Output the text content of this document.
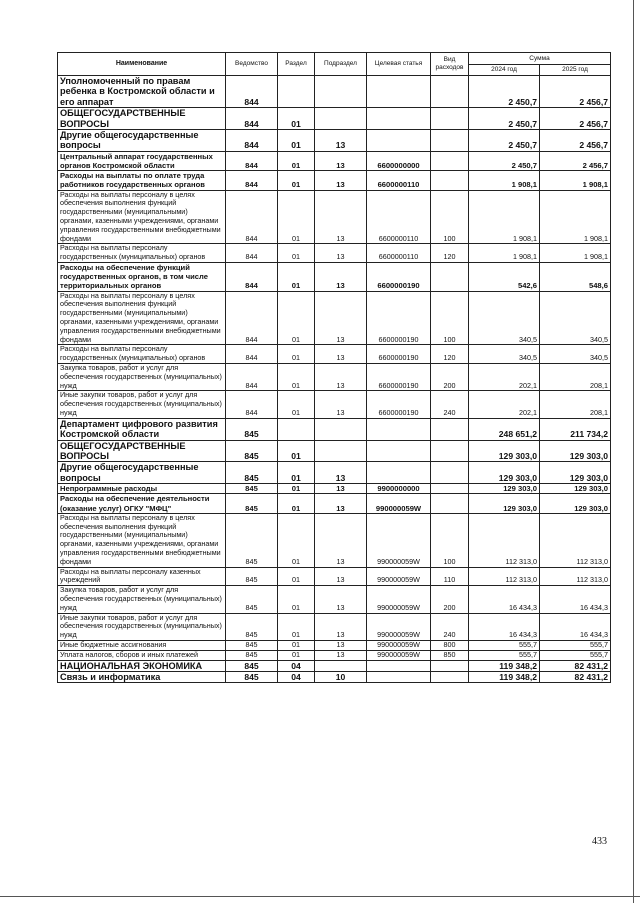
Наименование	Ведомство	Раздел	Подраздел	Целевая статья	Вид расходов	Сумма	
						2024 год	2025 год
Уполномоченный по правам ребенка в Костромской области и его аппарат	844					2 450,7	2 456,7
ОБЩЕГОСУДАРСТВЕННЫЕ ВОПРОСЫ	844	01				2 450,7	2 456,7
Другие общегосударственные вопросы	844	01	13			2 450,7	2 456,7
Центральный аппарат государственных органов Костромской области	844	01	13	6600000000		2 450,7	2 456,7
Расходы на выплаты по оплате труда работников государственных органов	844	01	13	6600000110		1 908,1	1 908,1
Расходы на выплаты персоналу в целях обеспечения выполнения функций государственными (муниципальными) органами, казенными учреждениями, органами управления государственными внебюджетными фондами	844	01	13	6600000110	100	1 908,1	1 908,1
Расходы на выплаты персоналу государственных (муниципальных) органов	844	01	13	6600000110	120	1 908,1	1 908,1
Расходы на обеспечение функций государственных органов, в том числе территориальных органов	844	01	13	6600000190		542,6	548,6
Расходы на выплаты персоналу в целях обеспечения выполнения функций государственными (муниципальными) органами, казенными учреждениями, органами управления государственными внебюджетными фондами	844	01	13	6600000190	100	340,5	340,5
Расходы на выплаты персоналу государственных (муниципальных) органов	844	01	13	6600000190	120	340,5	340,5
Закупка товаров, работ и услуг для обеспечения государственных (муниципальных) нужд	844	01	13	6600000190	200	202,1	208,1
Иные закупки товаров, работ и услуг для обеспечения государственных (муниципальных) нужд	844	01	13	6600000190	240	202,1	208,1
Департамент цифрового развития Костромской области	845					248 651,2	211 734,2
ОБЩЕГОСУДАРСТВЕННЫЕ ВОПРОСЫ	845	01				129 303,0	129 303,0
Другие общегосударственные вопросы	845	01	13			129 303,0	129 303,0
Непрограммные расходы	845	01	13	9900000000		129 303,0	129 303,0
Расходы на обеспечение деятельности (оказание услуг) ОГКУ "МФЦ"	845	01	13	990000059W		129 303,0	129 303,0
Расходы на выплаты персоналу в целях обеспечения выполнения функций государственными (муниципальными) органами, казенными учреждениями, органами управления государственными внебюджетными фондами	845	01	13	990000059W	100	112 313,0	112 313,0
Расходы на выплаты персоналу казенных учреждений	845	01	13	990000059W	110	112 313,0	112 313,0
Закупка товаров, работ и услуг для обеспечения государственных (муниципальных) нужд	845	01	13	990000059W	200	16 434,3	16 434,3
Иные закупки товаров, работ и услуг для обеспечения государственных (муниципальных) нужд	845	01	13	990000059W	240	16 434,3	16 434,3
Иные бюджетные ассигнования	845	01	13	990000059W	800	555,7	555,7
Уплата налогов, сборов и иных платежей	845	01	13	990000059W	850	555,7	555,7
НАЦИОНАЛЬНАЯ ЭКОНОМИКА	845	04				119 348,2	82 431,2
Связь и информатика	845	04	10			119 348,2	82 431,2
433
